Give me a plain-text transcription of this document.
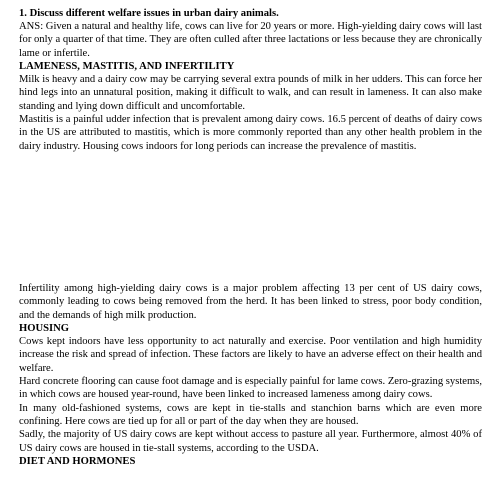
1. Discuss different welfare issues in urban dairy animals.

ANS: Given a natural and healthy life, cows can live for 20 years or more. High-yielding dairy cows will last for only a quarter of that time. They are often culled after three lactations or less because they are chronically lame or infertile.

LAMENESS, MASTITIS, AND INFERTILITY

Milk is heavy and a dairy cow may be carrying several extra pounds of milk in her udders. This can force her hind legs into an unnatural position, making it difficult to walk, and can result in lameness. It can also make standing and lying down difficult and uncomfortable.

Mastitis is a painful udder infection that is prevalent among dairy cows. 16.5 percent of deaths of dairy cows in the US are attributed to mastitis, which is more commonly reported than any other health problem in the dairy industry. Housing cows indoors for long periods can increase the prevalence of mastitis.

Infertility among high-yielding dairy cows is a major problem affecting 13 per cent of US dairy cows, commonly leading to cows being removed from the herd. It has been linked to stress, poor body condition, and the demands of high milk production.

HOUSING

Cows kept indoors have less opportunity to act naturally and exercise. Poor ventilation and high humidity increase the risk and spread of infection. These factors are likely to have an adverse effect on their health and welfare.

Hard concrete flooring can cause foot damage and is especially painful for lame cows. Zero-grazing systems, in which cows are housed year-round, have been linked to increased lameness among dairy cows.

In many old-fashioned systems, cows are kept in tie-stalls and stanchion barns which are even more confining. Here cows are tied up for all or part of the day when they are housed.

Sadly, the majority of US dairy cows are kept without access to pasture all year. Furthermore, almost 40% of US dairy cows are housed in tie-stall systems, according to the USDA.

DIET AND HORMONES
